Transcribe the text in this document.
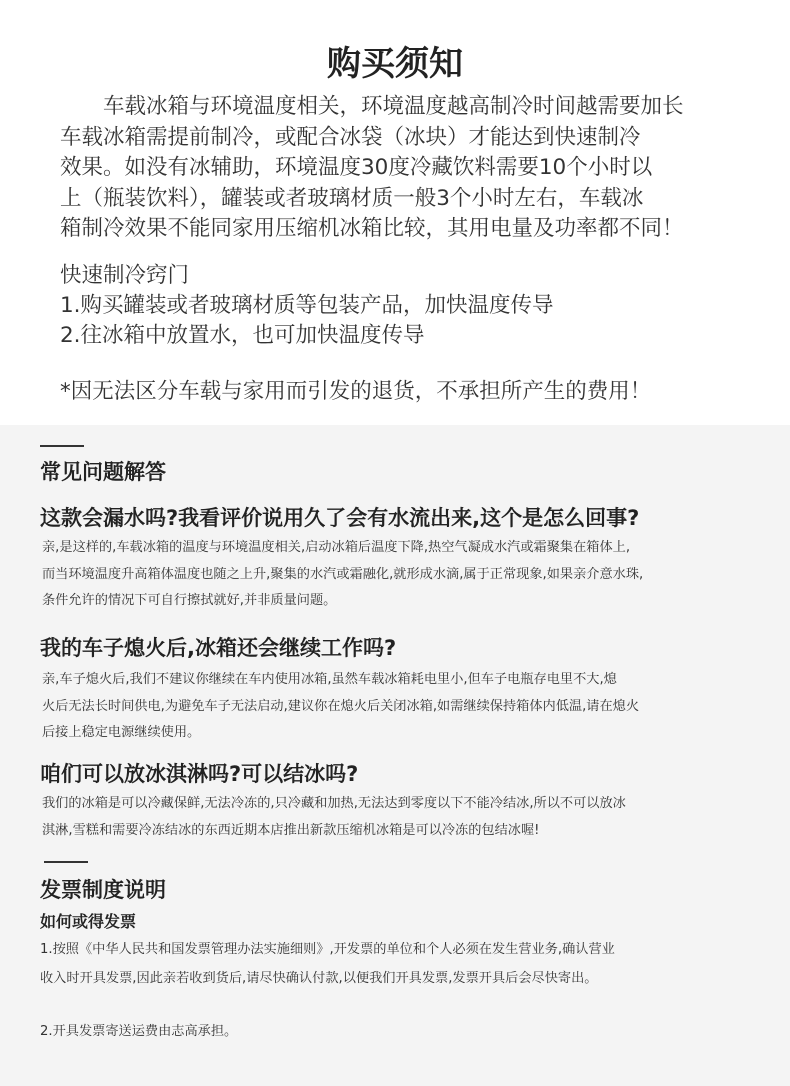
购买须知
　　车载冰箱与环境温度相关，环境温度越高制冷时间越需要加长
车载冰箱需提前制冷，或配合冰袋（冰块）才能达到快速制冷
效果。如没有冰辅助，环境温度30度冷藏饮料需要10个小时以
上（瓶装饮料），罐装或者玻璃材质一般3个小时左右，车载冰
箱制冷效果不能同家用压缩机冰箱比较，其用电量及功率都不同！
快速制冷窍门
1.购买罐装或者玻璃材质等包装产品，加快温度传导
2.往冰箱中放置水，也可加快温度传导
*因无法区分车载与家用而引发的退货，不承担所产生的费用！
常见问题解答
这款会漏水吗?我看评价说用久了会有水流出来,这个是怎么回事?
亲,是这样的,车载冰箱的温度与环境温度相关,启动冰箱后温度下降,热空气凝成水汽或霜聚集在箱体上,
而当环境温度升高箱体温度也随之上升,聚集的水汽或霜融化,就形成水滴,属于正常现象,如果亲介意水珠,
条件允许的情况下可自行擦拭就好,并非质量问题。
我的车子熄火后,冰箱还会继续工作吗?
亲,车子熄火后,我们不建议你继续在车内使用冰箱,虽然车载冰箱耗电里小,但车子电瓶存电里不大,熄
火后无法长时间供电,为避免车子无法启动,建议你在熄火后关闭冰箱,如需继续保持箱体内低温,请在熄火
后接上稳定电源继续使用。
咱们可以放冰淇淋吗?可以结冰吗?
我们的冰箱是可以冷藏保鲜,无法冷冻的,只冷藏和加热,无法达到零度以下不能冷结冰,所以不可以放冰
淇淋,雪糕和需要冷冻结冰的东西近期本店推出新款压缩机冰箱是可以冷冻的包结冰喔!
发票制度说明
如何或得发票
1.按照《中华人民共和国发票管理办法实施细则》,开发票的单位和个人必须在发生营业务,确认营业
收入时开具发票,因此亲若收到货后,请尽快确认付款,以便我们开具发票,发票开具后会尽快寄出。
2.开具发票寄送运费由志高承担。
